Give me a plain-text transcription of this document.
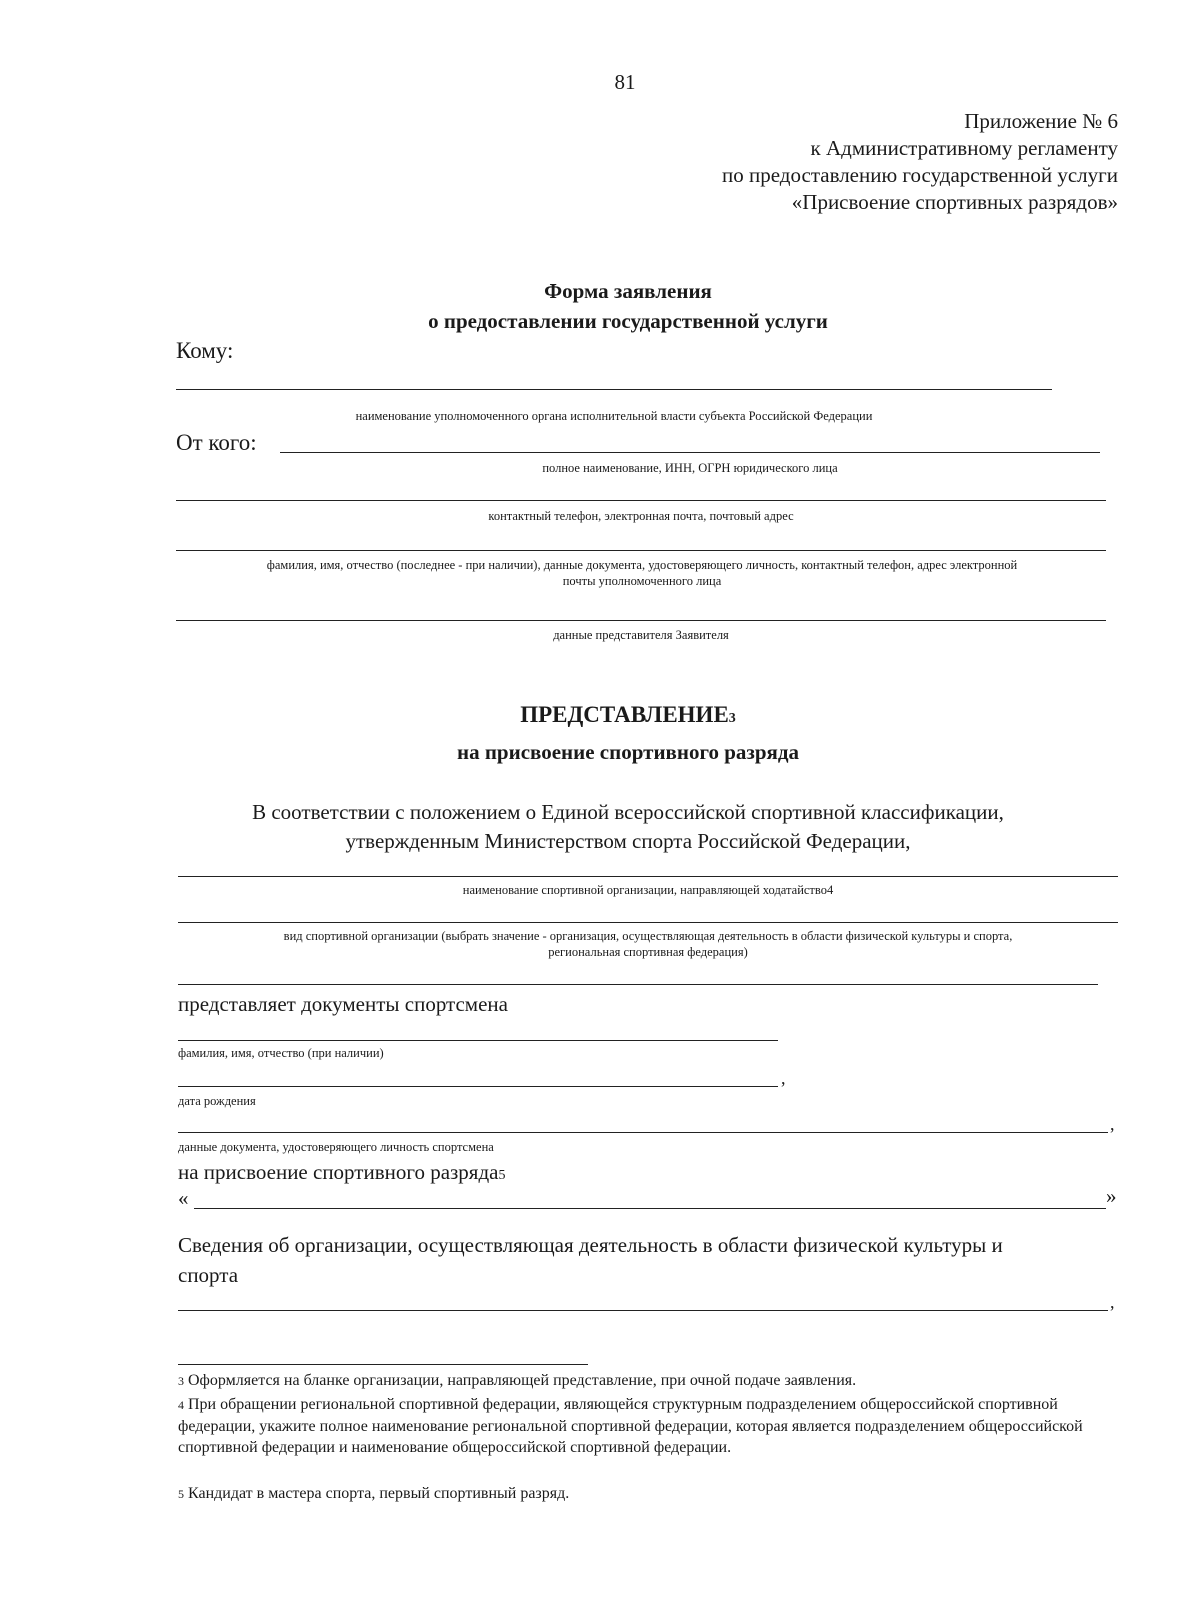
81
Приложение № 6
к Административному регламенту
по предоставлению государственной услуги
«Присвоение спортивных разрядов»
Форма заявления
о предоставлении государственной услуги
Кому:
наименование уполномоченного органа исполнительной власти субъекта Российской Федерации
От кого:
полное наименование, ИНН, ОГРН юридического лица
контактный телефон, электронная почта, почтовый адрес
фамилия, имя, отчество (последнее - при наличии), данные документа, удостоверяющего личность, контактный телефон, адрес электронной
почты уполномоченного лица
данные представителя Заявителя
ПРЕДСТАВЛЕНИЕ3
на присвоение спортивного разряда
В соответствии с положением о Единой всероссийской спортивной классификации,
утвержденным Министерством спорта Российской Федерации,
наименование спортивной организации, направляющей ходатайство4
вид спортивной организации (выбрать значение - организация, осуществляющая деятельность в области физической культуры и спорта,
региональная спортивная федерация)
представляет документы спортсмена
фамилия, имя, отчество (при наличии)
,
дата рождения
,
данные документа, удостоверяющего личность спортсмена
на присвоение спортивного разряда5
«	»
Сведения об организации, осуществляющая деятельность в области физической культуры и
спорта
,
3 Оформляется на бланке организации, направляющей представление, при очной подаче заявления.
4 При обращении региональной спортивной федерации, являющейся структурным подразделением общероссийской спортивной федерации, укажите полное наименование региональной спортивной федерации, которая является подразделением общероссийской спортивной федерации и наименование общероссийской спортивной федерации.
5 Кандидат в мастера спорта, первый спортивный разряд.
